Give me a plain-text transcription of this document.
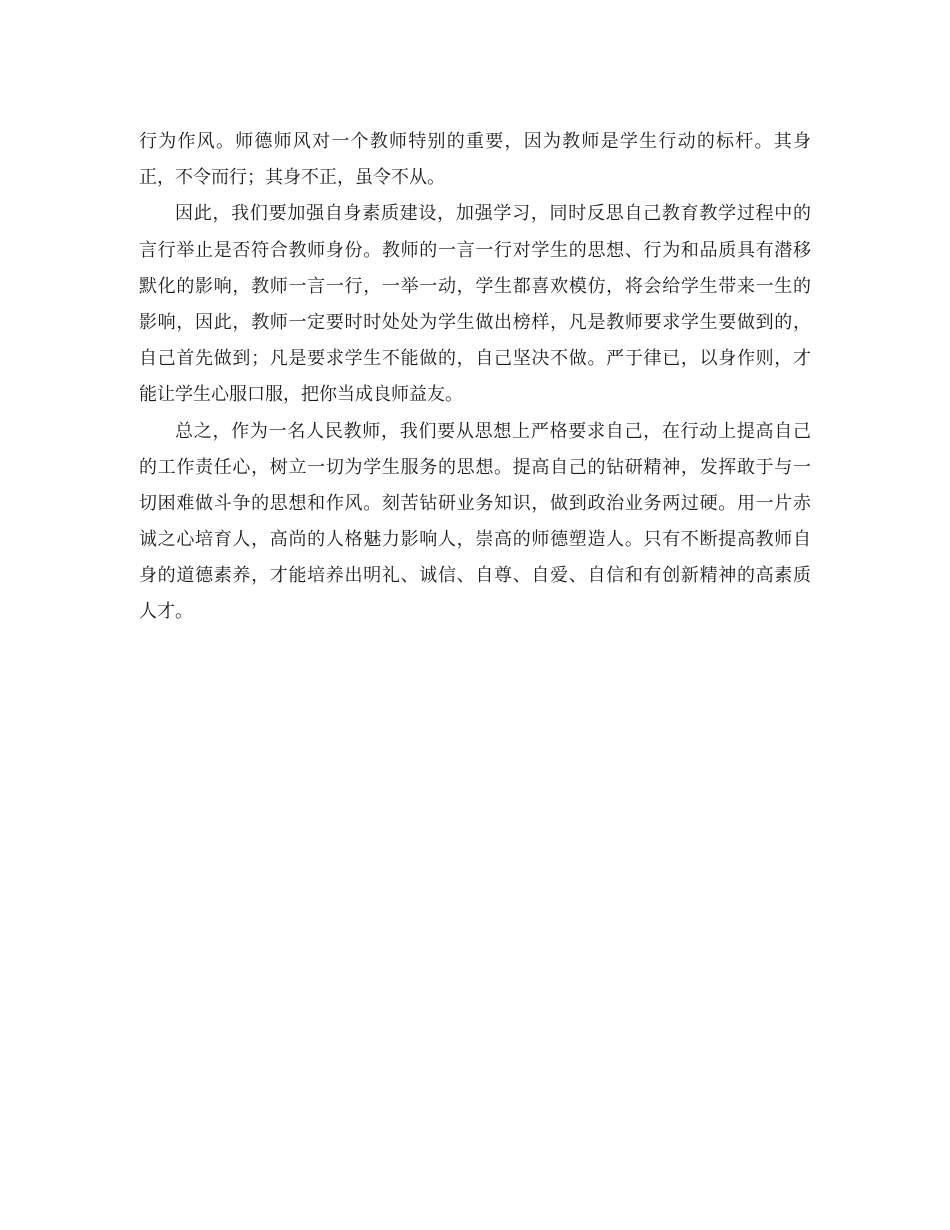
行为作风。师德师风对一个教师特别的重要，因为教师是学生行动的标杆。其身
正，不令而行；其身不正，虽令不从。
因此，我们要加强自身素质建设，加强学习，同时反思自己教育教学过程中的
言行举止是否符合教师身份。教师的一言一行对学生的思想、行为和品质具有潜移
默化的影响，教师一言一行，一举一动，学生都喜欢模仿，将会给学生带来一生的
影响，因此，教师一定要时时处处为学生做出榜样，凡是教师要求学生要做到的，
自己首先做到；凡是要求学生不能做的，自己坚决不做。严于律已，以身作则，才
能让学生心服口服，把你当成良师益友。
总之，作为一名人民教师，我们要从思想上严格要求自己，在行动上提高自己
的工作责任心，树立一切为学生服务的思想。提高自己的钻研精神，发挥敢于与一
切困难做斗争的思想和作风。刻苦钻研业务知识，做到政治业务两过硬。用一片赤
诚之心培育人，高尚的人格魅力影响人，崇高的师德塑造人。只有不断提高教师自
身的道德素养，才能培养出明礼、诚信、自尊、自爱、自信和有创新精神的高素质
人才。
